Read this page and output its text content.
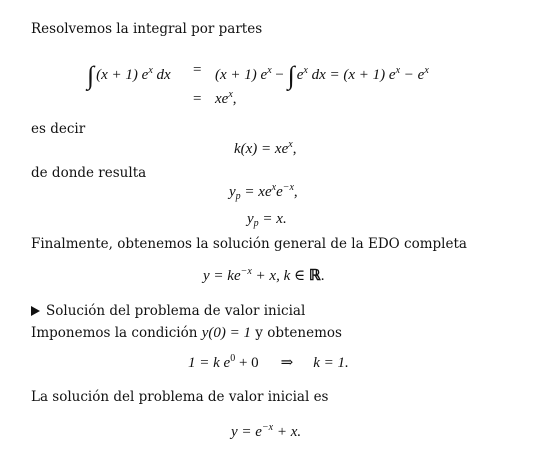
Resolvemos la integral por partes
∫ (x + 1) $e^x$ dx = (x + 1) $e^x$ − ∫ $e^x$ dx = (x + 1) $e^x - e^x$
= $xe^x$,
es decir
$k(x) = xe^x$,
de donde resulta
$y_p = xe^xe^{-x}$,
$y_p = x$.
Finalmente, obtenemos la solución general de la EDO completa
$y = ke^{-x} + x$, k ∈ ℝ.
Solución del problema de valor inicial
Imponemos la condición y(0) = 1 y obtenemos
1 = k $e^0 + 0$ ⇒ k = 1.
La solución del problema de valor inicial es
$y = e^{-x} + x$.
